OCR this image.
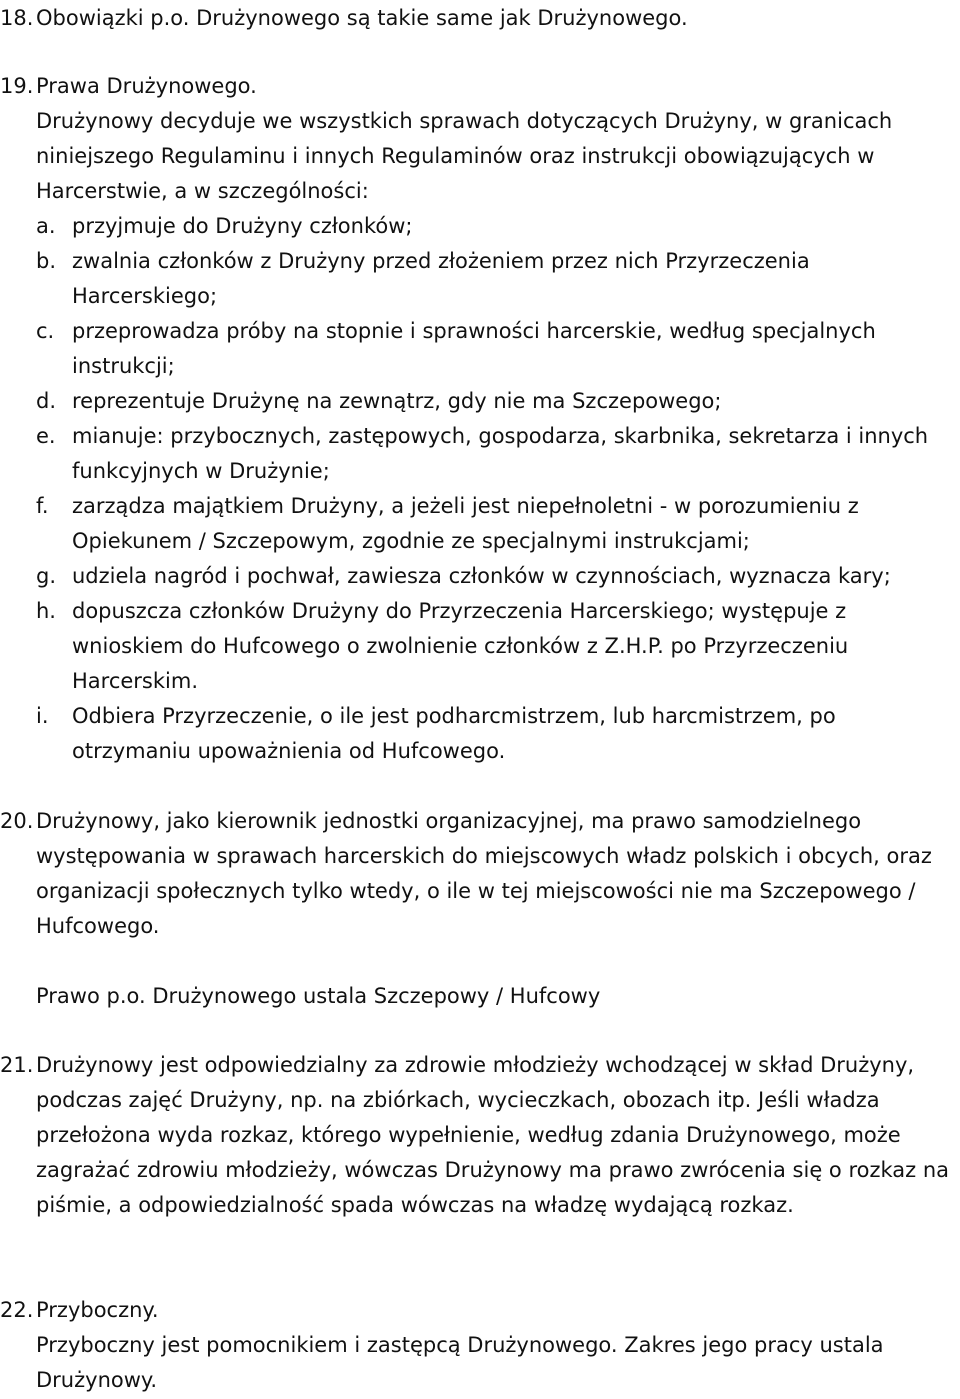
18. Obowiązki p.o. Drużynowego są takie same jak Drużynowego.

19. Prawa Drużynowego.

Drużynowy decyduje we wszystkich sprawach dotyczących Drużyny, w granicach niniejszego Regulaminu i innych Regulaminów oraz instrukcji obowiązujących w Harcerstwie, a w szczególności:

a. przyjmuje do Drużyny członków;

b. zwalnia członków z Drużyny przed złożeniem przez nich Przyrzeczenia Harcerskiego;

c. przeprowadza próby na stopnie i sprawności harcerskie, według specjalnych instrukcji;

d. reprezentuje Drużynę na zewnątrz, gdy nie ma Szczepowego;

e. mianuje: przybocznych, zastępowych, gospodarza, skarbnika, sekretarza i innych funkcyjnych w Drużynie;

f. zarządza majątkiem Drużyny, a jeżeli jest niepełnoletni - w porozumieniu z Opiekunem / Szczepowym, zgodnie ze specjalnymi instrukcjami;

g. udziela nagród i pochwał, zawiesza członków w czynnościach, wyznacza kary;

h. dopuszcza członków Drużyny do Przyrzeczenia Harcerskiego; występuje z wnioskiem do Hufcowego o zwolnienie członków z Z.H.P. po Przyrzeczeniu Harcerskim.

i. Odbiera Przyrzeczenie, o ile jest podharcmistrzem, lub harcmistrzem, po otrzymaniu upoważnienia od Hufcowego.

20. Drużynowy, jako kierownik jednostki organizacyjnej, ma prawo samodzielnego występowania w sprawach harcerskich do miejscowych władz polskich i obcych, oraz organizacji społecznych tylko wtedy, o ile w tej miejscowości nie ma Szczepowego / Hufcowego.

Prawo p.o. Drużynowego ustala Szczepowy / Hufcowy

21. Drużynowy jest odpowiedzialny za zdrowie młodzieży wchodzącej w skład Drużyny, podczas zajęć Drużyny, np. na zbiórkach, wycieczkach, obozach itp. Jeśli władza przełożona wyda rozkaz, którego wypełnienie, według zdania Drużynowego, może zagrażać zdrowiu młodzieży, wówczas Drużynowy ma prawo zwrócenia się o rozkaz na piśmie, a odpowiedzialność spada wówczas na władzę wydającą rozkaz.

22. Przyboczny.

Przyboczny jest pomocnikiem i zastępcą Drużynowego. Zakres jego pracy ustala Drużynowy.
